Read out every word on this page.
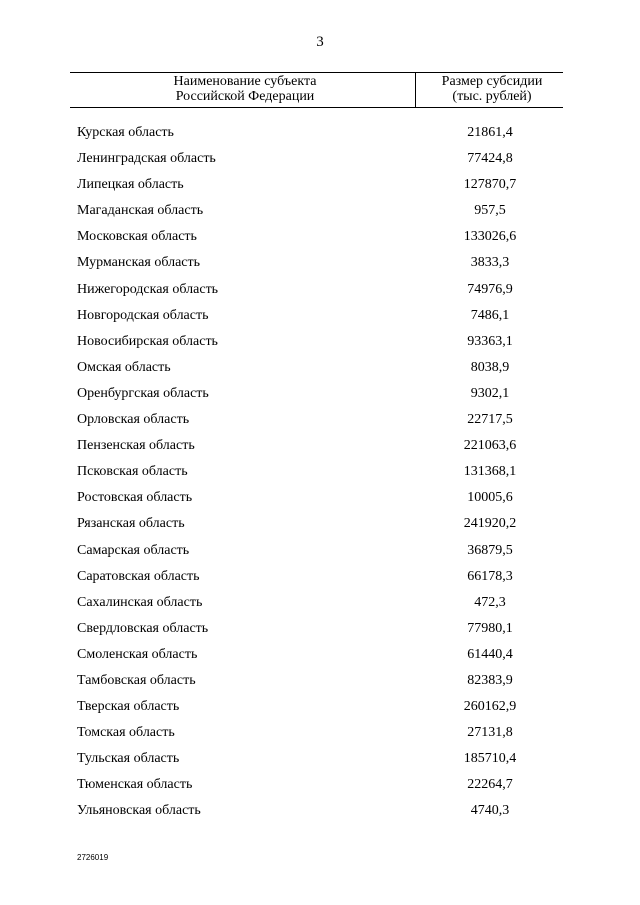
3
Наименование субъекта
Российской Федерации
Размер субсидии
(тыс. рублей)
Курская область	21861,4
Ленинградская область	77424,8
Липецкая область	127870,7
Магаданская область	957,5
Московская область	133026,6
Мурманская область	3833,3
Нижегородская область	74976,9
Новгородская область	7486,1
Новосибирская область	93363,1
Омская область	8038,9
Оренбургская область	9302,1
Орловская область	22717,5
Пензенская область	221063,6
Псковская область	131368,1
Ростовская область	10005,6
Рязанская область	241920,2
Самарская область	36879,5
Саратовская область	66178,3
Сахалинская область	472,3
Свердловская область	77980,1
Смоленская область	61440,4
Тамбовская область	82383,9
Тверская область	260162,9
Томская область	27131,8
Тульская область	185710,4
Тюменская область	22264,7
Ульяновская область	4740,3
2726019
